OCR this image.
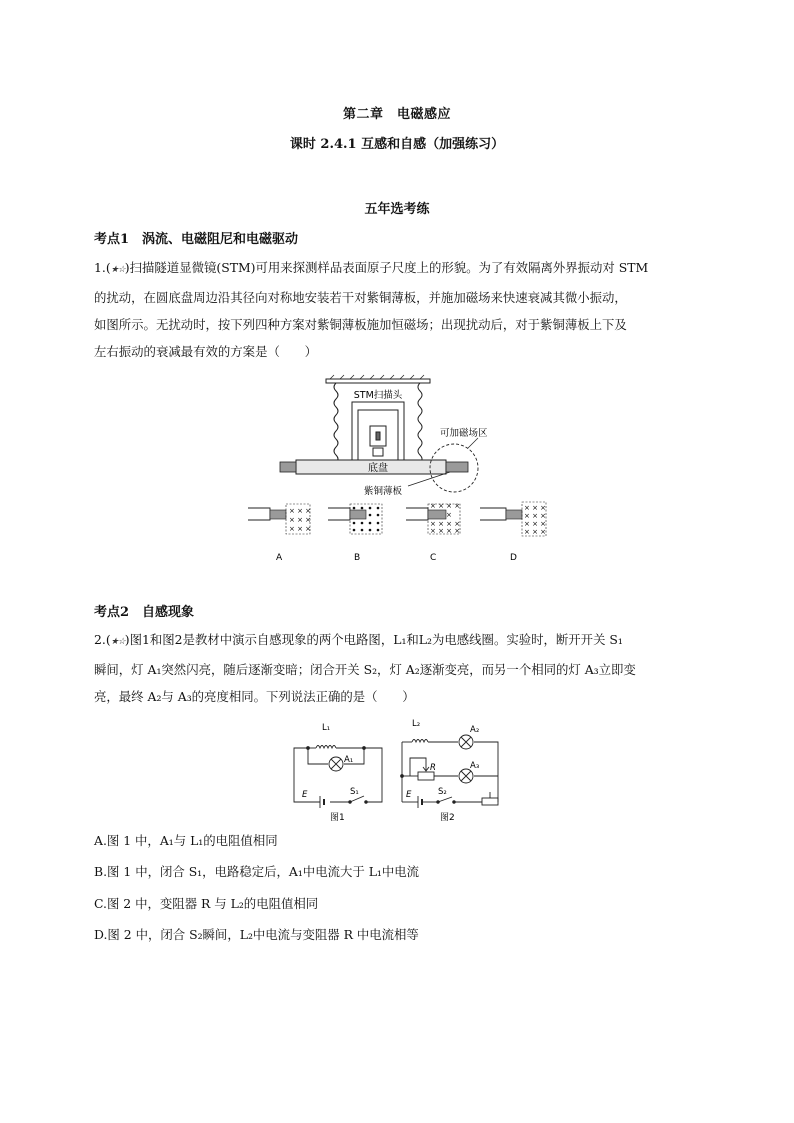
第二章　电磁感应
课时 2.4.1 互感和自感（加强练习）
五年选考练
考点1　涡流、电磁阻尼和电磁驱动
1.(★☆)扫描隧道显微镜(STM)可用来探测样品表面原子尺度上的形貌。为了有效隔离外界振动对 STM
的扰动，在圆底盘周边沿其径向对称地安装若干对紫铜薄板，并施加磁场来快速衰减其微小振动，
如图所示。无扰动时，按下列四种方案对紫铜薄板施加恒磁场；出现扰动后，对于紫铜薄板上下及
左右振动的衰减最有效的方案是（　　）
STM扫描头
底盘
可加磁场区
紫铜薄板
× × ×
× × ×
× × ×
A	B
× × × ×
×
× × × ×
× × × ×
C
× × ×
× × ×
× × ×
× × ×
D
考点2　自感现象
2.(★☆)图1和图2是教材中演示自感现象的两个电路图，L₁和L₂为电感线圈。实验时，断开开关 S₁
瞬间，灯 A₁突然闪亮，随后逐渐变暗；闭合开关 S₂，灯 A₂逐渐变亮，而另一个相同的灯 A₃立即变
亮，最终 A₂与 A₃的亮度相同。下列说法正确的是（　　）
L₁
A₁
E	S₁
图1
L₂
A₂
A₃
R
E	S₂
图2
A.图 1 中，A₁与 L₁的电阻值相同
B.图 1 中，闭合 S₁，电路稳定后，A₁中电流大于 L₁中电流
C.图 2 中，变阻器 R 与 L₂的电阻值相同
D.图 2 中，闭合 S₂瞬间，L₂中电流与变阻器 R 中电流相等
